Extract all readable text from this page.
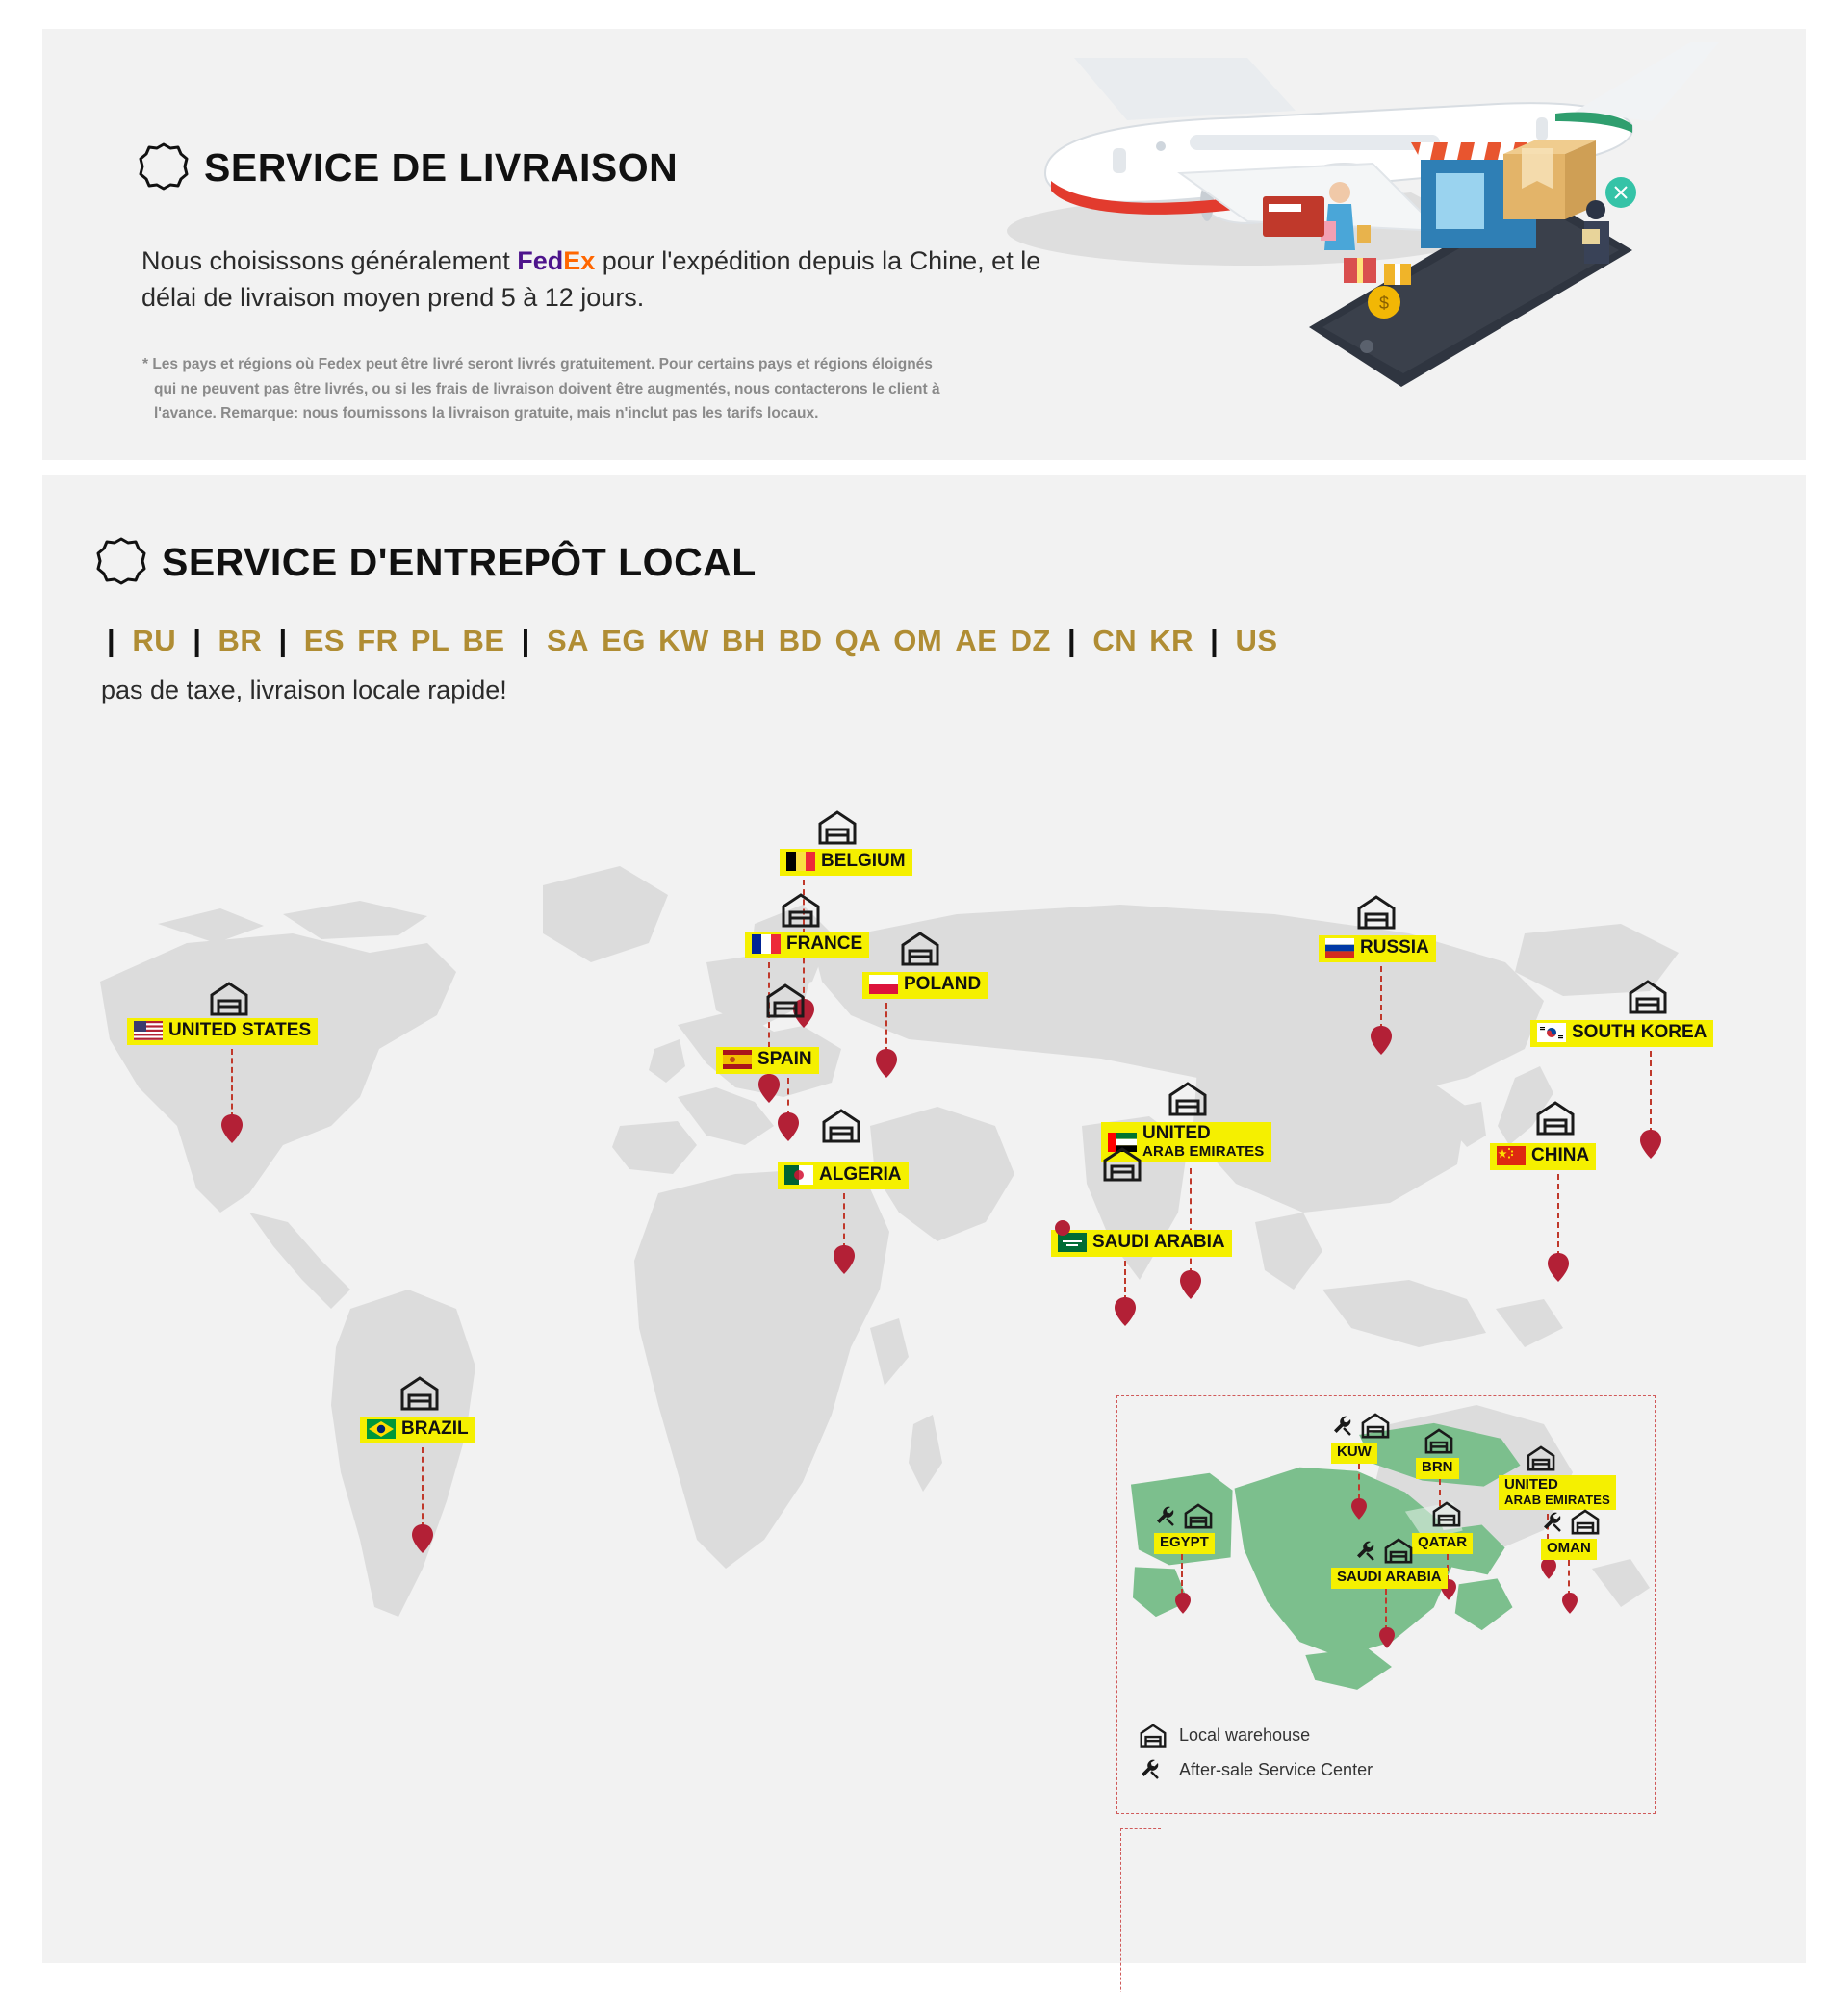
$
SERVICE DE LIVRAISON

Nous choisissons généralement FedEx pour l'expédition depuis la Chine, et le délai de livraison moyen prend 5 à 12 jours.

* Les pays et régions où Fedex peut être livré seront livrés gratuitement. Pour certains pays et régions éloignés qui ne peuvent pas être livrés, ou si les frais de livraison doivent être augmentés, nous contacterons le client à l'avance. Remarque: nous fournissons la livraison gratuite, mais n'inclut pas les tarifs locaux.

SERVICE D'ENTREPÔT LOCAL
| RU | BR | ES FR PL BE | SA EG KW BH BD QA OM AE DZ | CN KR | US
pas de taxe, livraison locale rapide!
BELGIUM
FRANCE
POLAND
RUSSIA
UNITED STATES
SPAIN
SOUTH KOREA
ALGERIA
UNITED
ARAB EMIRATES	CHINA
SAUDI ARABIA
BRAZIL
KUW
BRN
UNITED
ARAB EMIRATES
QATAR
EGYPT	OMAN
SAUDI ARABIA
Local warehouse
After-sale Service Center
